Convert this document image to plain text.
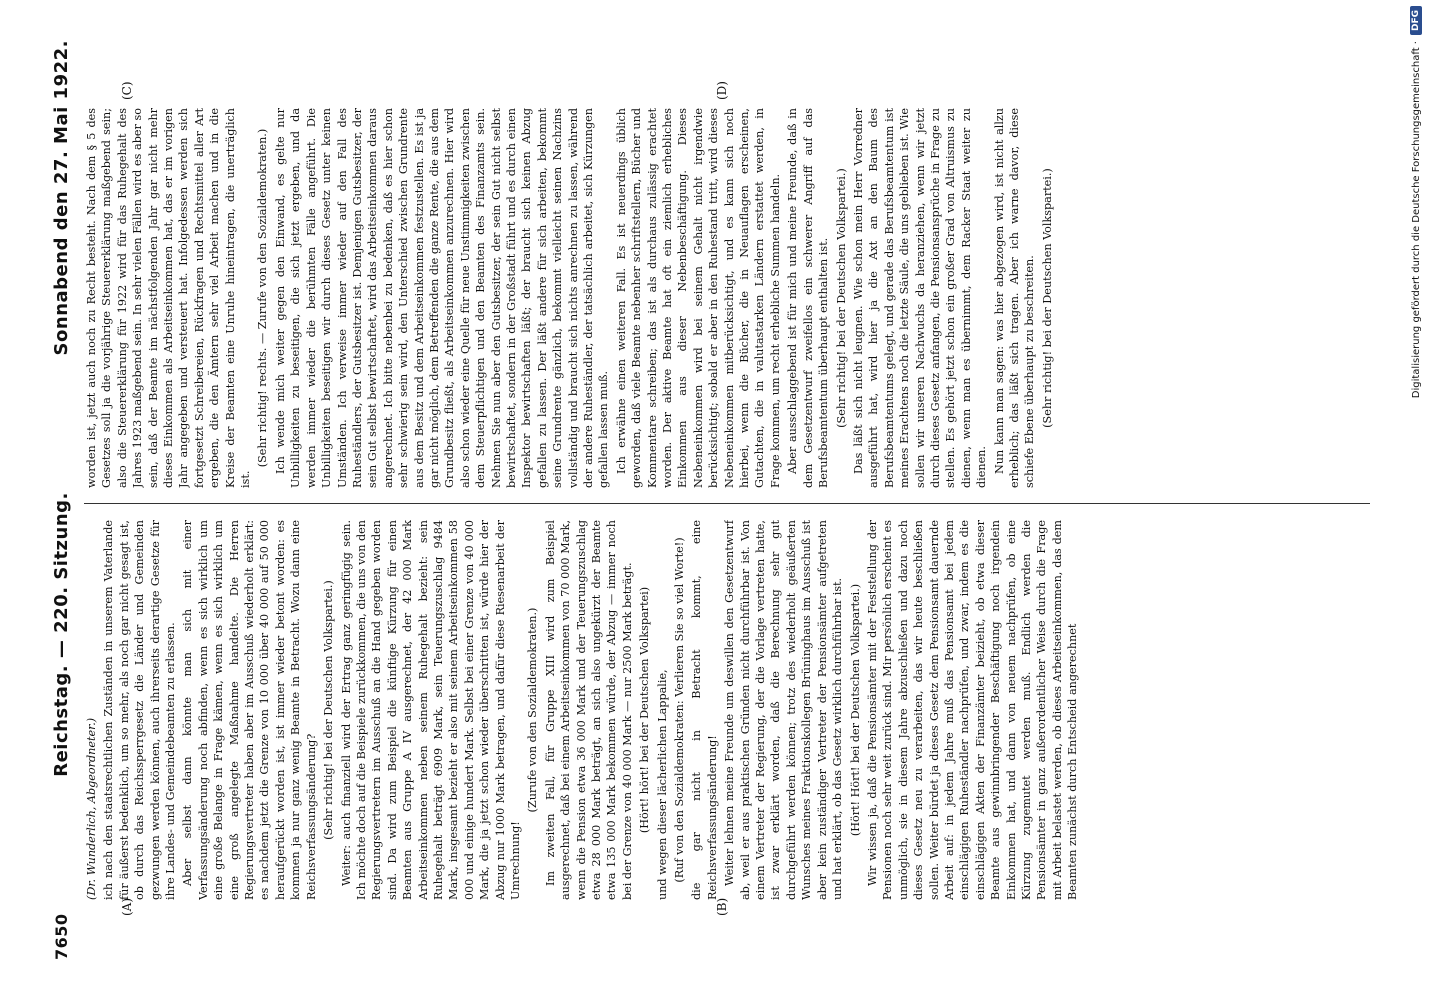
7650
Reichstag. — 220. Sitzung.
Sonnabend den 27. Mai 1922.
(A)	(B)
(C)	(D)

(Dr. Wunderlich, Abgeordneter.) ich nach den staatsrechtlichen Zuständen in unserem Vaterlande für äußerst bedenklich, um so mehr, als noch gar nicht gesagt ist, ob durch das Reichssperrgesetz die Länder und Gemeinden gezwungen werden können, auch ihrerseits derartige Gesetze für ihre Landes- und Gemeindebeamten zu erlassen. Aber selbst dann könnte man sich mit einer Verfassungsänderung noch abfinden, wenn es sich wirklich um eine große Belange in Frage kämen, wenn es sich wirklich um eine groß angelegte Maßnahme handelte. Die Herren Regierungsvertreter haben aber im Ausschuß wiederholt erklärt: es nachdem jetzt die Grenze von 10 000 über 40 000 auf 50 000 heraufgerückt worden ist, ist immer wieder betont worden: es kommen ja nur ganz wenig Beamte in Betracht. Wozu dann eine Reichsverfassungsänderung? (Sehr richtig! bei der Deutschen Volkspartei.) Weiter: auch finanziell wird der Ertrag ganz geringfügig sein. Ich möchte doch auf die Beispiele zurückkommen, die uns von den Regierungsvertretern im Ausschuß an die Hand gegeben worden sind. Da wird zum Beispiel die künftige Kürzung für einen Beamten aus Gruppe A IV ausgerechnet, der 42 000 Mark Arbeitseinkommen neben seinem Ruhegehalt bezieht: sein Ruhegehalt beträgt 6909 Mark, sein Teuerungszuschlag 9484 Mark, insgesamt bezieht er also mit seinem Arbeitseinkommen 58 000 und einige hundert Mark. Selbst bei einer Grenze von 40 000 Mark, die ja jetzt schon wieder überschritten ist, würde hier der Abzug nur 1000 Mark betragen, und dafür diese Riesenarbeit der Umrechnung!

(Zurufe von den Sozialdemokraten.) Im zweiten Fall, für Gruppe XIII wird zum Beispiel ausgerechnet, daß bei einem Arbeitseinkommen von 70 000 Mark, wenn die Pension etwa 36 000 Mark und der Teuerungszuschlag etwa 28 000 Mark beträgt, an sich also ungekürzt der Beamte etwa 135 000 Mark bekommen würde, der Abzug — immer noch bei der Grenze von 40 000 Mark — nur 2500 Mark beträgt. (Hört! hört! bei der Deutschen Volkspartei) und wegen dieser lächerlichen Lappalie, (Ruf von den Sozialdemokraten: Verlieren Sie so viel Worte!) die gar nicht in Betracht kommt, eine Reichsverfassungsänderung! Weiter lehnen meine Freunde um deswillen den Gesetzentwurf ab, weil er aus praktischen Gründen nicht durchführbar ist. Von einem Vertreter der Regierung, der die Vorlage vertreten hatte, ist zwar erklärt worden, daß die Berechnung sehr gut durchgeführt werden können; trotz des wiederholt geäußerten Wunsches meines Fraktionskollegen Brüninghaus im Ausschuß ist aber kein zuständiger Vertreter der Pensionsämter aufgetreten und hat erklärt, ob das Gesetz wirklich durchführbar ist. (Hört! Hört! bei der Deutschen Volkspartei.) Wir wissen ja, daß die Pensionsämter mit der Feststellung der Pensionen noch sehr weit zurück sind. Mir persönlich erscheint es unmöglich, sie in diesem Jahre abzuschließen und dazu noch dieses Gesetz neu zu verarbeiten, das wir heute beschließen sollen. Weiter bürdet ja dieses Gesetz dem Pensionsamt dauernde Arbeit auf: in jedem Jahre muß das Pensionsamt bei jedem einschlägigen Ruheständler nachprüfen, und zwar, indem es die einschlägigen Akten der Finanzämter beizieht, ob etwa dieser Beamte aus gewinnbringender Beschäftigung noch irgendein Einkommen hat, und dann von neuem nachprüfen, ob eine Kürzung zugemutet werden muß. Endlich werden die Pensionsämter in ganz außerordentlicher Weise durch die Frage mit Arbeit belastet werden, ob dieses Arbeitseinkommen, das dem Beamten zunächst durch Entscheid angerechnet

worden ist, jetzt auch noch zu Recht besteht. Nach dem § 5 des Gesetzes soll ja die vorjährige Steuererklärung maßgebend sein; also die Steuererklärung für 1922 wird für das Ruhegehalt des Jahres 1923 maßgebend sein. In sehr vielen Fällen wird es aber so sein, daß der Beamte im nächstfolgenden Jahr gar nicht mehr dieses Einkommen als Arbeitseinkommen hat, das er im vorigen Jahr angegeben und versteuert hat. Infolgedessen werden sich fortgesetzt Schreibereien, Rückfragen und Rechtsmittel aller Art ergeben, die den Ämtern sehr viel Arbeit machen und in die Kreise der Beamten eine Unruhe hineintragen, die unerträglich ist.

(Sehr richtig! rechts. — Zurufe von den Sozialdemokraten.) Ich wende mich weiter gegen den Einwand, es gelte nur Unbilligkeiten zu beseitigen, die sich jetzt ergeben, und da werden immer wieder die berühmten Fälle angeführt. Die Unbilligkeiten beseitigen wir durch dieses Gesetz unter keinen Umständen. Ich verweise immer wieder auf den Fall des Ruheständlers, der Gutsbesitzer ist. Demjenigen Gutsbesitzer, der sein Gut selbst bewirtschaftet, wird das Arbeitseinkommen daraus angerechnet. Ich bitte nebenbei zu bedenken, daß es hier schon sehr schwierig sein wird, den Unterschied zwischen Grundrente aus dem Besitz und dem Arbeitseinkommen festzustellen. Es ist ja gar nicht möglich, dem Betreffenden die ganze Rente, die aus dem Grundbesitz fließt, als Arbeitseinkommen anzurechnen. Hier wird also schon wieder eine Quelle für neue Unstimmigkeiten zwischen dem Steuerpflichtigen und den Beamten des Finanzamts sein. Nehmen Sie nun aber den Gutsbesitzer, der sein Gut nicht selbst bewirtschaftet, sondern in der Großstadt führt und es durch einen Inspektor bewirtschaften läßt; der braucht sich keinen Abzug gefallen zu lassen. Der läßt andere für sich arbeiten, bekommt seine Grundrente gänzlich, bekommt vielleicht seinen Nachzins vollständig und braucht sich nichts anrechnen zu lassen, während der andere Ruheständler, der tatsächlich arbeitet, sich Kürzungen gefallen lassen muß. Ich erwähne einen weiteren Fall. Es ist neuerdings üblich geworden, daß viele Beamte nebenher schriftstellern, Bücher und Kommentare schreiben; das ist als durchaus zulässig erachtet worden. Der aktive Beamte hat oft ein ziemlich erhebliches Einkommen aus dieser Nebenbeschäftigung. Dieses Nebeneinkommen wird bei seinem Gehalt nicht irgendwie berücksichtigt; sobald er aber in den Ruhestand tritt, wird dieses Nebeneinkommen mitberücksichtigt, und es kann sich noch hierbei, wenn die Bücher, die in Neuauflagen erscheinen, Gutachten, die in valutastarken Ländern erstattet werden, in Frage kommen, um recht erhebliche Summen handeln. Aber ausschlaggebend ist für mich und meine Freunde, daß in dem Gesetzentwurf zweifellos ein schwerer Angriff auf das Berufsbeamtentum überhaupt enthalten ist. (Sehr richtig! bei der Deutschen Volkspartei.) Das läßt sich nicht leugnen. Wie schon mein Herr Vorredner ausgeführt hat, wird hier ja die Axt an den Baum des Berufsbeamtentums gelegt, und gerade das Berufsbeamtentum ist meines Erachtens noch die letzte Säule, die uns geblieben ist. Wie sollen wir unseren Nachwuchs da heranziehen, wenn wir jetzt durch dieses Gesetz anfangen, die Pensionsansprüche in Frage zu stellen. Es gehört jetzt schon ein großer Grad von Altruismus zu dienen, wenn man es übernimmt, dem Racker Staat weiter zu dienen. Nun kann man sagen: was hier abgezogen wird, ist nicht allzu erheblich; das läßt sich tragen. Aber ich warne davor, diese schiefe Ebene überhaupt zu beschreiten. (Sehr richtig! bei der Deutschen Volkspartei.)	Digitalisierung gefördert durch die Deutsche Forschungsgemeinschaft ·
DFG
